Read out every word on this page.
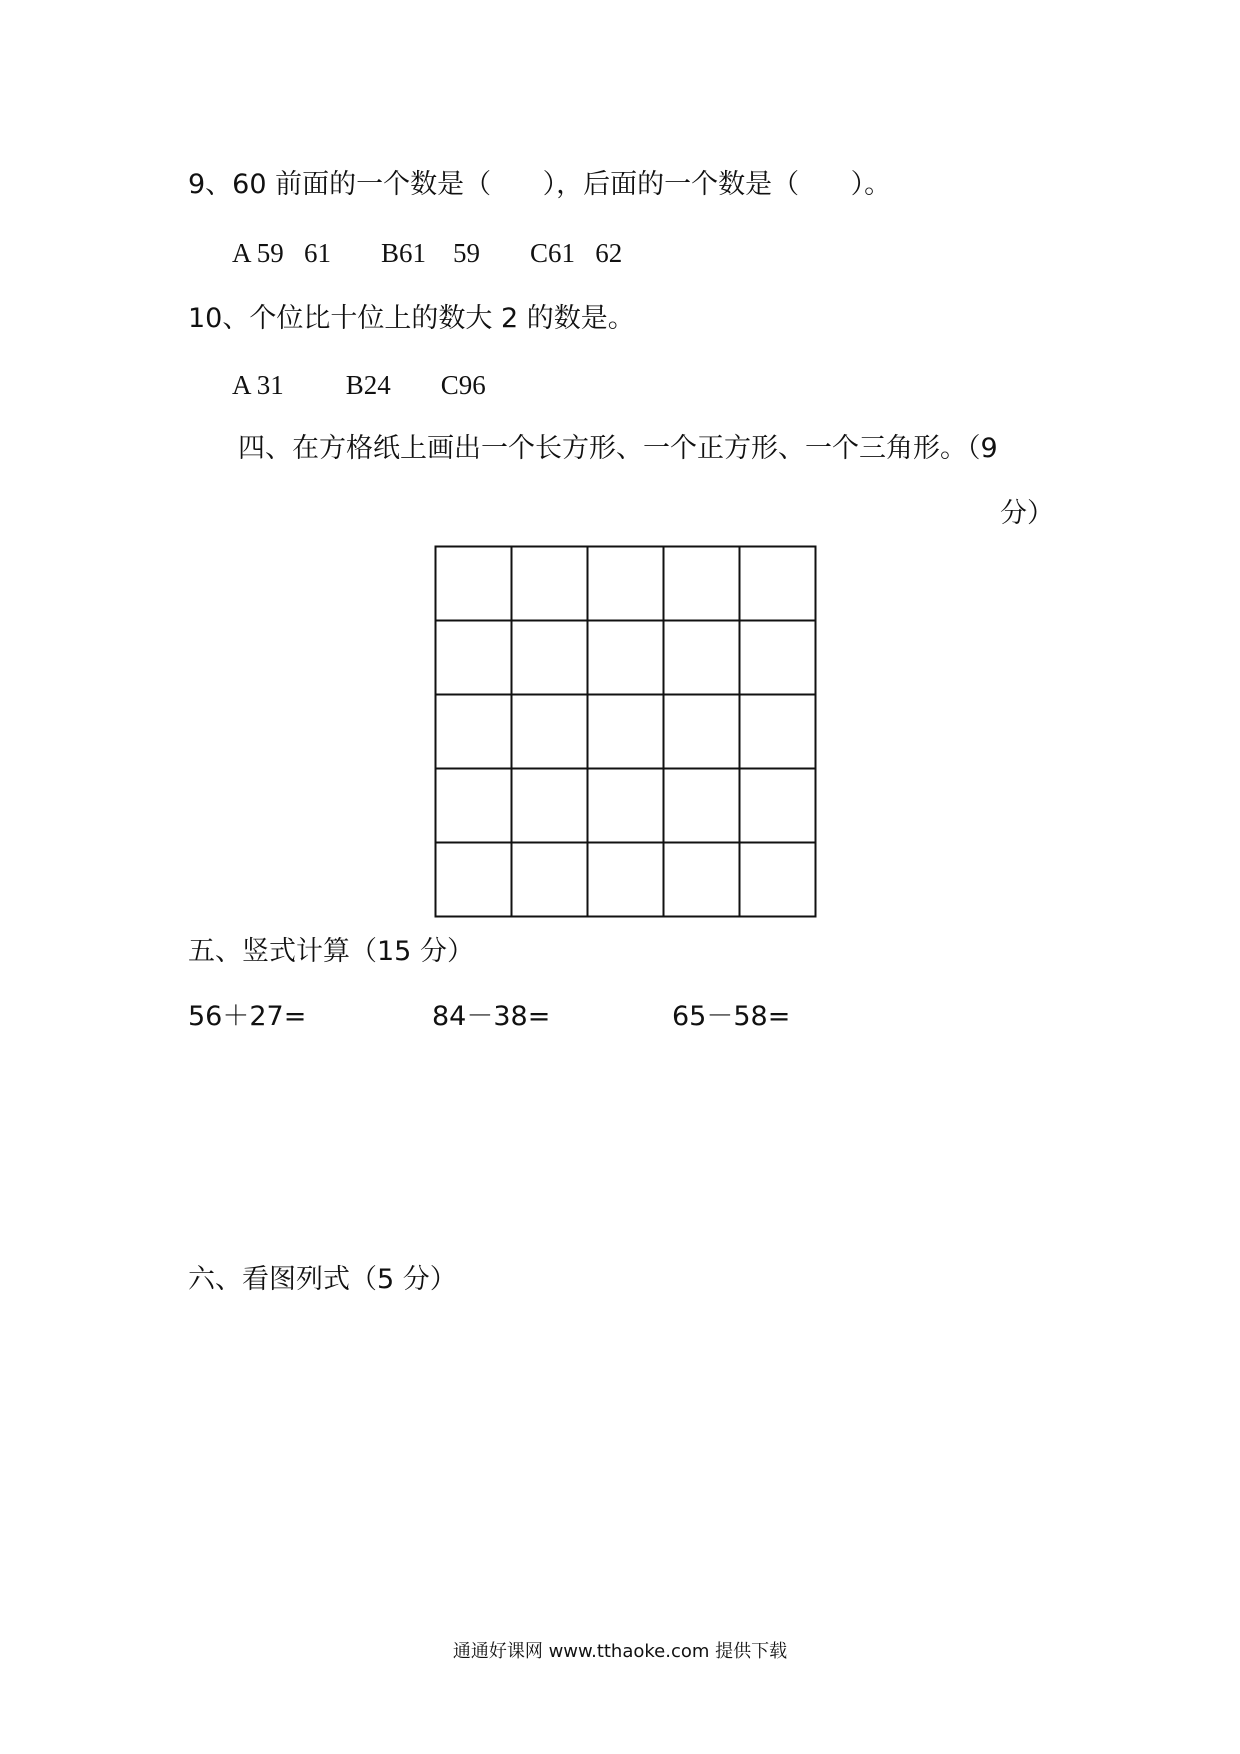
9、60 前面的一个数是（      ），后面的一个数是（      ）。
A 59   61 B61    59 C61   62
10、个位比十位上的数大 2 的数是。
A 31 B24 C96
四、在方格纸上画出一个长方形、一个正方形、一个三角形。（9
分）
五、竖式计算（15 分）
56＋27=	84－38=	65－58=
六、看图列式（5 分）
通通好课网 www.tthaoke.com 提供下载
